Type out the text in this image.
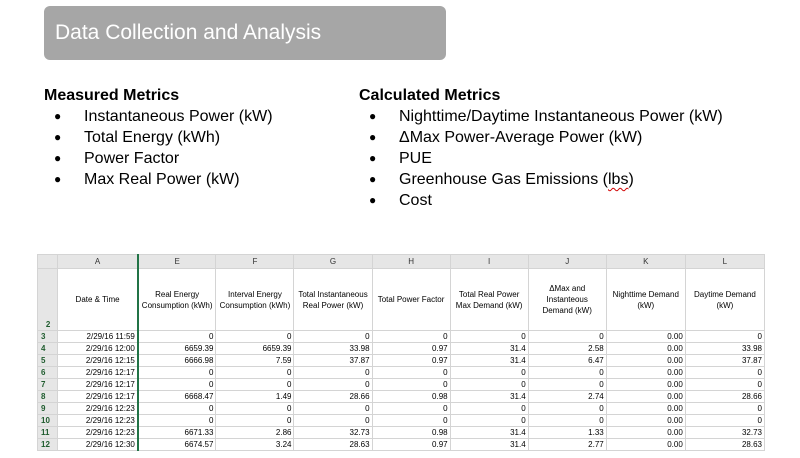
Data Collection and Analysis
Measured Metrics
● Instantaneous Power (kW)
● Total Energy (kWh)
● Power Factor
● Max Real Power (kW)
Calculated Metrics
● Nighttime/Daytime Instantaneous Power (kW)
● ΔMax Power-Average Power (kW)
● PUE
● Greenhouse Gas Emissions (lbs)
● Cost
	A	E	F	G	H	I	J	K	L
2	Date & Time	Real Energy Consumption (kWh)	Interval Energy Consumption (kWh)	Total Instantaneous Real Power (kW)	Total Power Factor	Total Real Power Max Demand (kW)	ΔMax and Instanteous Demand (kW)	Nighttime Demand (kW)	Daytime Demand (kW)
3	2/29/16 11:59	0	0	0	0	0	0	0.00	0
4	2/29/16 12:00	6659.39	6659.39	33.98	0.97	31.4	2.58	0.00	33.98
5	2/29/16 12:15	6666.98	7.59	37.87	0.97	31.4	6.47	0.00	37.87
6	2/29/16 12:17	0	0	0	0	0	0	0.00	0
7	2/29/16 12:17	0	0	0	0	0	0	0.00	0
8	2/29/16 12:17	6668.47	1.49	28.66	0.98	31.4	2.74	0.00	28.66
9	2/29/16 12:23	0	0	0	0	0	0	0.00	0
10	2/29/16 12:23	0	0	0	0	0	0	0.00	0
11	2/29/16 12:23	6671.33	2.86	32.73	0.98	31.4	1.33	0.00	32.73
12	2/29/16 12:30	6674.57	3.24	28.63	0.97	31.4	2.77	0.00	28.63
